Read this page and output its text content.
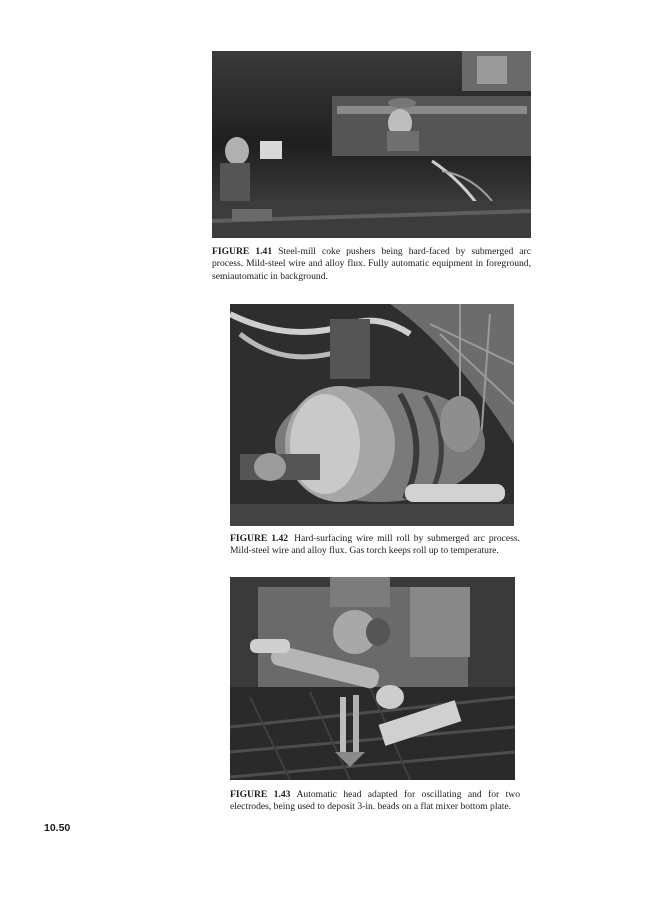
FIGURE 1.41 Steel-mill coke pushers being hard-faced by submerged arc process. Mild-steel wire and alloy flux. Fully automatic equipment in foreground, semiautomatic in background.
FIGURE 1.42 Hard-surfacing wire mill roll by submerged arc process. Mild-steel wire and alloy flux. Gas torch keeps roll up to temperature.
FIGURE 1.43 Automatic head adapted for oscillating and for two electrodes, being used to deposit 3-in. beads on a flat mixer bottom plate.
10.50
